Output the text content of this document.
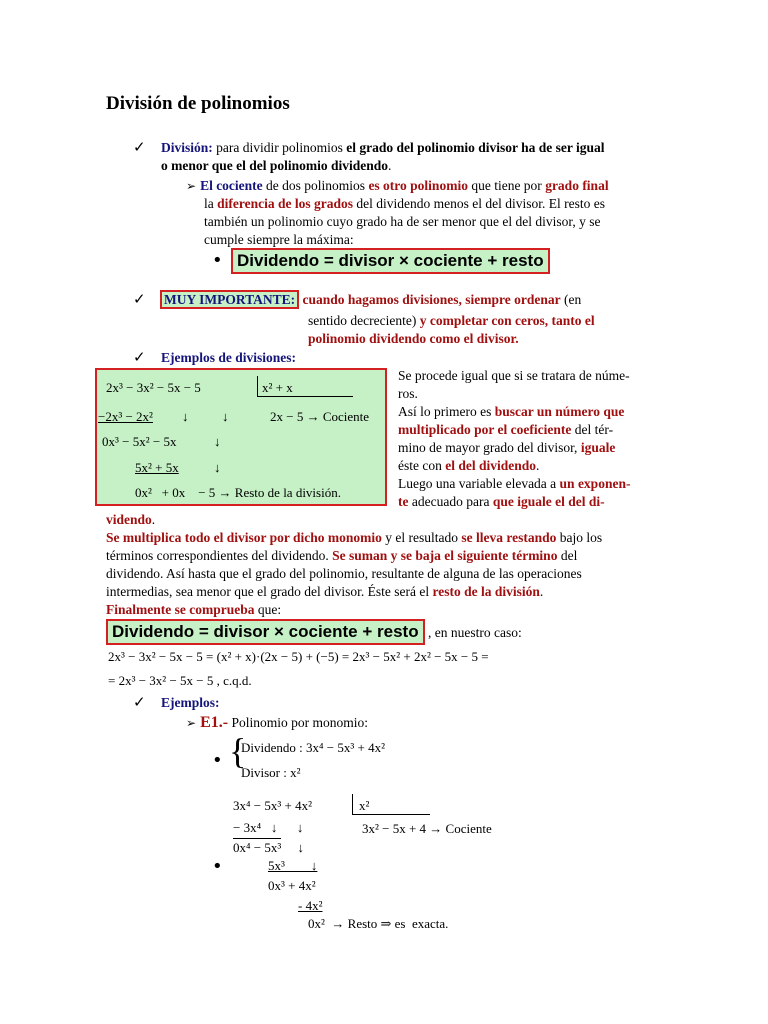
División de polinomios
✓ División: para dividir polinomios el grado del polinomio divisor ha de ser igual
o menor que el del polinomio dividendo.
➢ El cociente de dos polinomios es otro polinomio que tiene por grado final
la diferencia de los grados del dividendo menos el del divisor. El resto es
también un polinomio cuyo grado ha de ser menor que el del divisor, y se
cumple siempre la máxima:
• Dividendo = divisor × cociente + resto
✓ MUY IMPORTANTE: cuando hagamos divisiones, siempre ordenar (en
sentido decreciente) y completar con ceros, tanto el
polinomio dividendo como el divisor.
✓ Ejemplos de divisiones:
2x³ − 3x² − 5x − 5	x² + x
−2x³ − 2x² ↓	↓	2x − 5 → Cociente
0x³ − 5x² − 5x	↓
5x² + 5x	↓
0x²   + 0x    − 5 → Resto de la división.
Se procede igual que si se tratara de núme-
ros.
Así lo primero es buscar un número que
multiplicado por el coeficiente del tér-
mino de mayor grado del divisor, iguale
éste con el del dividendo.
Luego una variable elevada a un exponen-
te adecuado para que iguale el del di-
videndo.
Se multiplica todo el divisor por dicho monomio y el resultado se lleva restando bajo los
términos correspondientes del dividendo. Se suman y se baja el siguiente término del
dividendo. Así hasta que el grado del polinomio, resultante de alguna de las operaciones
intermedias, sea menor que el grado del divisor. Éste será el resto de la división.
Finalmente se comprueba que:
Dividendo = divisor × cociente + resto , en nuestro caso:
2x³ − 3x² − 5x − 5 = (x² + x)·(2x − 5) + (−5) = 2x³ − 5x² + 2x² − 5x − 5 =
= 2x³ − 3x² − 5x − 5 , c.q.d.
✓ Ejemplos:
➢ E1.- Polinomio por monomio:
• {
Dividendo : 3x⁴ − 5x³ + 4x²
Divisor : x²
3x⁴ − 5x³ + 4x²	x²
− 3x⁴   ↓      ↓	3x² − 5x + 4 → Cociente
0x⁴ − 5x³     ↓
•	5x³        ↓
0x³ + 4x²
- 4x²
0x²  → Resto ⇒ es  exacta.
